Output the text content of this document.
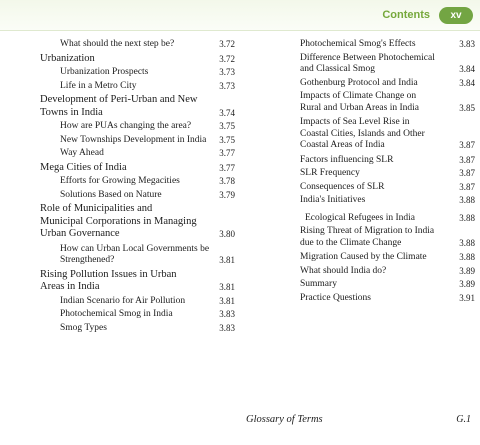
Contents	xv
What should the next step be?	3.72
Urbanization	3.72
Urbanization Prospects	3.73
Life in a Metro City	3.73
Development of Peri-Urban and New Towns in India	3.74
How are PUAs changing the area?	3.75
New Townships Development in India	3.75
Way Ahead	3.77
Mega Cities of India	3.77
Efforts for Growing Megacities	3.78
Solutions Based on Nature	3.79
Role of Municipalities and Municipal Corporations in Managing Urban Governance	3.80
How can Urban Local Governments be Strengthened?	3.81
Rising Pollution Issues in Urban Areas in India	3.81
Indian Scenario for Air Pollution	3.81
Photochemical Smog in India	3.83
Smog Types	3.83
Photochemical Smog's Effects	3.83
Difference Between Photochemical and Classical Smog	3.84
Gothenburg Protocol and India	3.84
Impacts of Climate Change on Rural and Urban Areas in India	3.85
Impacts of Sea Level Rise in Coastal Cities, Islands and Other Coastal Areas of India	3.87
Factors influencing SLR	3.87
SLR Frequency	3.87
Consequences of SLR	3.87
India's Initiatives	3.88
Ecological Refugees in India	3.88
Rising Threat of Migration to India due to the Climate Change	3.88
Migration Caused by the Climate	3.88
What should India do?	3.89
Summary	3.89
Practice Questions	3.91
Glossary of Terms	G.1
